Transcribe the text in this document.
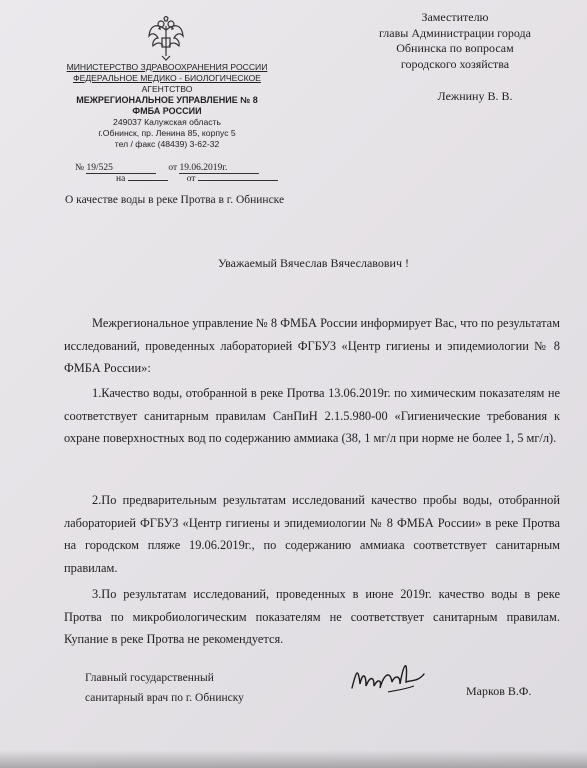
МИНИСТЕРСТВО ЗДРАВООХРАНЕНИЯ РОССИИ
ФЕДЕРАЛЬНОЕ МЕДИКО - БИОЛОГИЧЕСКОЕ
АГЕНТСТВО
МЕЖРЕГИОНАЛЬНОЕ УПРАВЛЕНИЕ № 8
ФМБА РОССИИ
249037 Калужская область
г.Обнинск, пр. Ленина 85, корпус 5
тел / факс (48439) 3-62-32
Заместителю
главы Администрации города
Обнинска по вопросам
городского хозяйства
Лежнину В. В.
№ 19/525	от 19.06.2019г.
на	от
О качестве воды в реке Протва в г. Обнинске
Уважаемый Вячеслав Вячеславович !

Межрегиональное управление № 8 ФМБА России информирует Вас, что по результатам исследований, проведенных лабораторией ФГБУЗ «Центр гигиены и эпидемиологии № 8 ФМБА России»:

1.Качество воды, отобранной в реке Протва 13.06.2019г. по химическим показателям не соответствует санитарным правилам СанПиН 2.1.5.980-00 «Гигиенические требования к охране поверхностных вод по содержанию аммиака (38, 1 мг/л при норме не более 1, 5 мг/л).

2.По предварительным результатам исследований качество пробы воды, отобранной лабораторией ФГБУЗ «Центр гигиены и эпидемиологии № 8 ФМБА России» в реке Протва на городском пляже 19.06.2019г., по содержанию аммиака соответствует санитарным правилам.

3.По результатам исследований, проведенных в июне 2019г. качество воды в реке Протва по микробиологическим показателям не соответствует санитарным правилам. Купание в реке Протва не рекомендуется.

Главный государственный
санитарный врач по г. Обнинску	Марков В.Ф.
